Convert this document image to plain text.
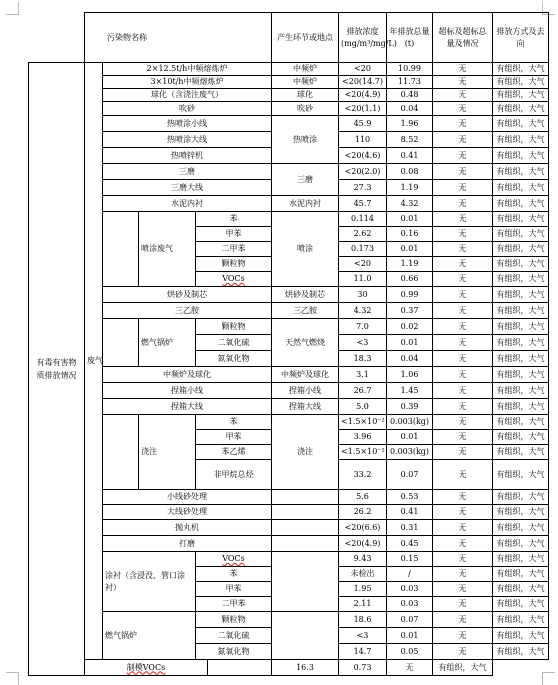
	污染物名称					产生环节或地点	排放浓度(mg/m³/mg/L)	年排放总量(t)	超标及超标总量及情况	排放方式及去向
有毒有害物质排放情况	废气	2×12.5t/h中频熔炼炉				中频炉	<20	10.99	无	有组织，大气
		3×10t/h中频熔炼炉				中频炉	<20(14.7)	11.73	无	有组织，大气
		球化（含浇注废气）				球化	<20(4.9)	0.48	无	有组织，大气
		吹砂				吹砂	<20(1.1)	0.04	无	有组织，大气
		热喷涂小线				热喷涂	45.9	1.96	无	有组织，大气
		热喷涂大线					110	8.52	无	有组织，大气
		热喷锌机					<20(4.6)	0.41	无	有组织，大气
		三磨				三磨	<20(2.0)	0.08	无	有组织，大气
		三磨大线					27.3	1.19	无	有组织，大气
		水泥内衬				水泥内衬	45.7	4.32	无	有组织，大气
			喷涂废气	苯		喷涂	0.114	0.01	无	有组织，大气
				甲苯			2.62	0.16	无	有组织，大气
				二甲苯			0.173	0.01	无	有组织，大气
				颗粒物			<20	1.19	无	有组织，大气
				VOCs			11.0	0.66	无	有组织，大气
		烘砂及制芯				烘砂及制芯	30	0.99	无	有组织，大气
		三乙胺				三乙胺	4.32	0.37	无	有组织，大气
			燃气锅炉	颗粒物		天然气燃烧	7.0	0.02	无	有组织，大气
				二氧化硫			<3	0.01	无	有组织，大气
				氮氧化物			18.3	0.04	无	有组织，大气
		中频炉及球化				中频炉及球化	3.1	1.06	无	有组织，大气
		捏箱小线				捏箱小线	26.7	1.45	无	有组织，大气
		捏箱大线				捏箱大线	5.0	0.39	无	有组织，大气
			浇注	苯		浇注	<1.5×10⁻²	0.003(kg)	无	有组织，大气
				甲苯			3.96	0.01	无	有组织，大气
				苯乙烯			<1.5×10⁻²	0.003(kg)	无	有组织，大气
				非甲烷总烃			33.2	0.07	无	有组织，大气
		小线砂处理					5.6	0.53	无	有组织，大气
		大线砂处理					26.2	0.41	无	有组织，大气
		抛丸机					<20(6.6)	0.31	无	有组织，大气
		打磨					<20(4.9)	0.45	无	有组织，大气
		涂衬（含浸没、管口涂衬）		VOCs			9.43	0.15	无	有组织，大气
				苯			未检出	/	无	有组织，大气
				甲苯			1.95	0.03	无	有组织，大气
				二甲苯			2.11	0.03	无	有组织，大气
		燃气锅炉		颗粒物			18.6	0.07	无	有组织，大气
				二氧化硫			<3	0.01	无	有组织，大气
				氮氧化物			14.7	0.05	无	有组织，大气
	制模VOCs					16.3	0.73	无	有组织，大气	
